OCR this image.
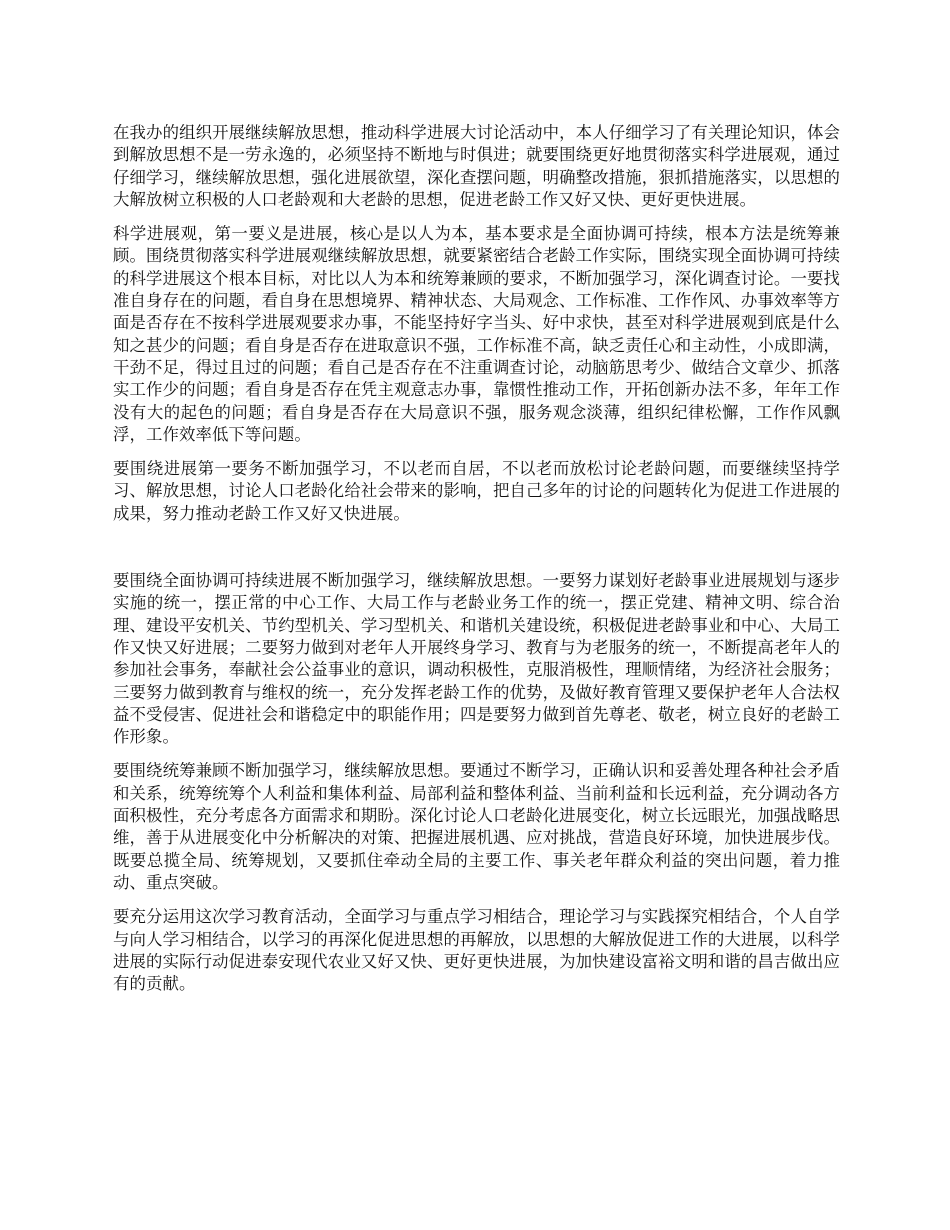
在我办的组织开展继续解放思想，推动科学进展大讨论活动中，本人仔细学习了有关理论知识，体会到解放思想不是一劳永逸的，必须坚持不断地与时俱进；就要围绕更好地贯彻落实科学进展观，通过仔细学习，继续解放思想，强化进展欲望，深化查摆问题，明确整改措施，狠抓措施落实，以思想的大解放树立积极的人口老龄观和大老龄的思想，促进老龄工作又好又快、更好更快进展。

科学进展观，第一要义是进展，核心是以人为本，基本要求是全面协调可持续，根本方法是统筹兼顾。围绕贯彻落实科学进展观继续解放思想，就要紧密结合老龄工作实际，围绕实现全面协调可持续的科学进展这个根本目标，对比以人为本和统筹兼顾的要求，不断加强学习，深化调查讨论。一要找准自身存在的问题，看自身在思想境界、精神状态、大局观念、工作标准、工作作风、办事效率等方面是否存在不按科学进展观要求办事，不能坚持好字当头、好中求快，甚至对科学进展观到底是什么知之甚少的问题；看自身是否存在进取意识不强，工作标准不高，缺乏责任心和主动性，小成即满，干劲不足，得过且过的问题；看自己是否存在不注重调查讨论，动脑筋思考少、做结合文章少、抓落实工作少的问题；看自身是否存在凭主观意志办事，靠惯性推动工作，开拓创新办法不多，年年工作没有大的起色的问题；看自身是否存在大局意识不强，服务观念淡薄，组织纪律松懈，工作作风飘浮，工作效率低下等问题。

要围绕进展第一要务不断加强学习，不以老而自居，不以老而放松讨论老龄问题，而要继续坚持学习、解放思想，讨论人口老龄化给社会带来的影响，把自己多年的讨论的问题转化为促进工作进展的成果，努力推动老龄工作又好又快进展。

要围绕全面协调可持续进展不断加强学习，继续解放思想。一要努力谋划好老龄事业进展规划与逐步实施的统一，摆正常的中心工作、大局工作与老龄业务工作的统一，摆正党建、精神文明、综合治理、建设平安机关、节约型机关、学习型机关、和谐机关建设统，积极促进老龄事业和中心、大局工作又快又好进展；二要努力做到对老年人开展终身学习、教育与为老服务的统一，不断提高老年人的参加社会事务，奉献社会公益事业的意识，调动积极性，克服消极性，理顺情绪，为经济社会服务；三要努力做到教育与维权的统一，充分发挥老龄工作的优势，及做好教育管理又要保护老年人合法权益不受侵害、促进社会和谐稳定中的职能作用；四是要努力做到首先尊老、敬老，树立良好的老龄工作形象。

要围绕统筹兼顾不断加强学习，继续解放思想。要通过不断学习，正确认识和妥善处理各种社会矛盾和关系，统筹统筹个人利益和集体利益、局部利益和整体利益、当前利益和长远利益，充分调动各方面积极性，充分考虑各方面需求和期盼。深化讨论人口老龄化进展变化，树立长远眼光，加强战略思维，善于从进展变化中分析解决的对策、把握进展机遇、应对挑战，营造良好环境，加快进展步伐。既要总揽全局、统筹规划，又要抓住牵动全局的主要工作、事关老年群众利益的突出问题，着力推动、重点突破。

要充分运用这次学习教育活动，全面学习与重点学习相结合，理论学习与实践探究相结合，个人自学与向人学习相结合，以学习的再深化促进思想的再解放，以思想的大解放促进工作的大进展，以科学进展的实际行动促进泰安现代农业又好又快、更好更快进展，为加快建设富裕文明和谐的昌吉做出应有的贡献。
